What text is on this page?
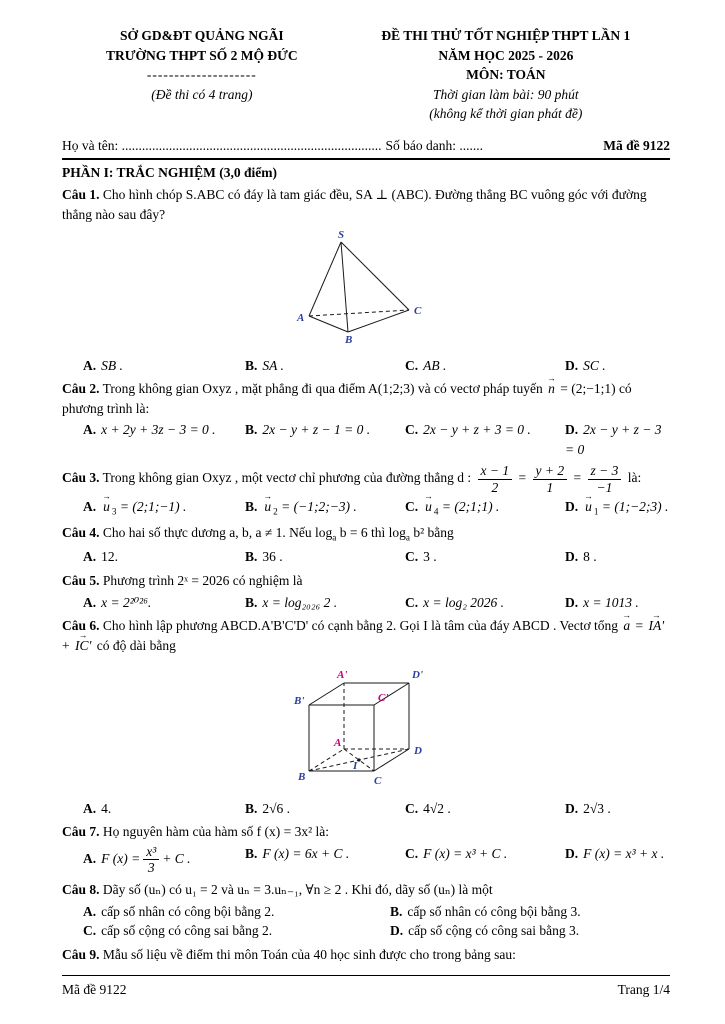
SỞ GD&ĐT QUẢNG NGÃI
TRƯỜNG THPT SỐ 2 MỘ ĐỨC
--------------------
(Đề thi có 4 trang)
ĐỀ THI THỬ TỐT NGHIỆP THPT LẦN 1
NĂM HỌC 2025 - 2026
MÔN: TOÁN
Thời gian làm bài: 90 phút
(không kể thời gian phát đề)
Họ và tên: ............................................................................. Số báo danh: .......	Mã đề 9122
PHẦN I: TRẮC NGHIỆM (3,0 điểm)

Câu 1. Cho hình chóp S.ABC có đáy là tam giác đều, SA ⊥ (ABC). Đường thẳng BC vuông góc với đường thẳng nào sau đây?

S
A
B
C
A. SB .	B. SA .	C. AB .	D. SC .

Câu 2. Trong không gian Oxyz , mặt phẳng đi qua điểm A(1;2;3) và có vectơ pháp tuyến → n = (2;−1;1) có phương trình là:

A. x + 2y + 3z − 3 = 0 .	B. 2x − y + z − 1 = 0 .	C. 2x − y + z + 3 = 0 .	D. 2x − y + z − 3 = 0

Câu 3. Trong không gian Oxyz , một vectơ chỉ phương của đường thẳng d : $\frac{x - 1}{2} = \frac{y + 2}{1} = \frac{z - 3}{-1}$ là:

A. → u $_3$ = (2;1;−1) .	B. → u $_2$ = (−1;2;−3) .	C. → u $_4$ = (2;1;1) .	D. → u $_1$ = (1;−2;3) .

Câu 4. Cho hai số thực dương a, b, a ≠ 1. Nếu $\log_a b = 6$ thì $\log_a b^2$ bằng

A. 12.	B. 36 .	C. 3 .	D. 8 .

Câu 5. Phương trình 2ˣ = 2026 có nghiệm là

A. x = 2²⁰²⁶.	B. x = log₂₀₂₆ 2 .	C. x = log₂ 2026 .	D. x = 1013 .

Câu 6. Cho hình lập phương ABCD.A'B'C'D' có cạnh bằng 2. Gọi I là tâm của đáy ABCD . Vectơ tổng → a = → IA' + → IC' có độ dài bằng

A'	D'
B'	C'
A
D
B	C
I
A. 4.	B. 2√6 .	C. 4√2 .	D. 2√3 .

Câu 7. Họ nguyên hàm của hàm số f (x) = 3x² là:

A. F $(x) = \frac{\text{x³}}{3} + C$ .	B. F (x) = 6x + C .	C. F (x) = x³ + C .	D. F (x) = x³ + x .

Câu 8. Dãy số (uₙ) có u₁ = 2 và uₙ = 3.uₙ₋₁, ∀n ≥ 2 . Khi đó, dãy số (uₙ) là một

A. cấp số nhân có công bội bằng 2.	B. cấp số nhân có công bội bằng 3.
C. cấp số cộng có công sai bằng 2.	D. cấp số cộng có công sai bằng 3.

Câu 9. Mẫu số liệu về điểm thi môn Toán của 40 học sinh được cho trong bảng sau:

Mã đề 9122	Trang 1/4
